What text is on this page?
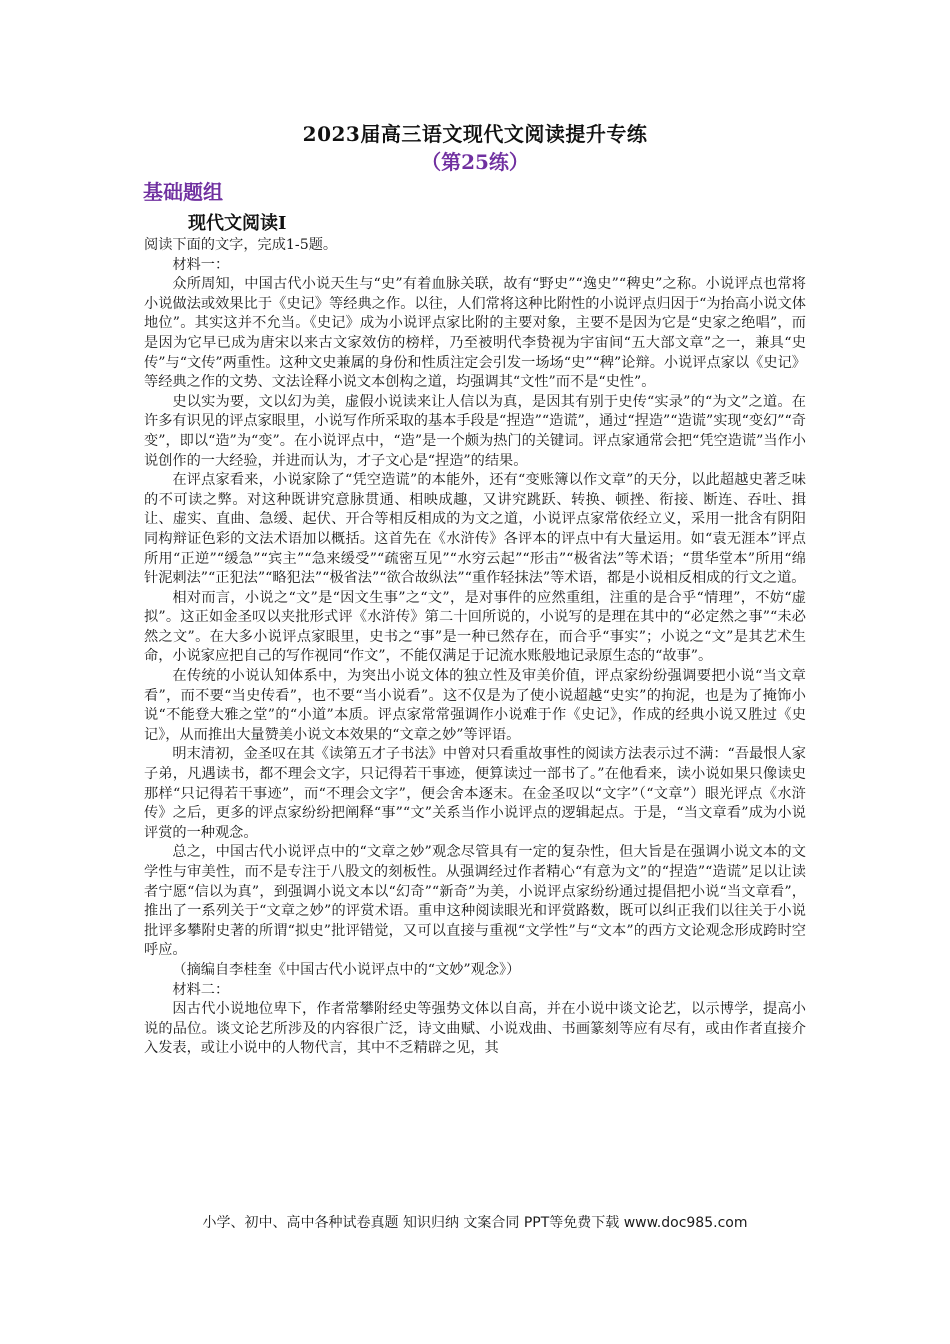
2023届高三语文现代文阅读提升专练
（第25练）
基础题组
现代文阅读Ⅰ

阅读下面的文字，完成1-5题。

材料一：

众所周知，中国古代小说天生与“史”有着血脉关联，故有“野史”“逸史”“稗史”之称。小说评点也常将小说做法或效果比于《史记》等经典之作。以往，人们常将这种比附性的小说评点归因于“为抬高小说文体地位”。其实这并不允当。《史记》成为小说评点家比附的主要对象，主要不是因为它是“史家之绝唱”，而是因为它早已成为唐宋以来古文家效仿的榜样，乃至被明代李贽视为宇宙间“五大部文章”之一，兼具“史传”与“文传”两重性。这种文史兼属的身份和性质注定会引发一场场“史”“稗”论辩。小说评点家以《史记》等经典之作的文势、文法诠释小说文本创构之道，均强调其“文性”而不是“史性”。

史以实为要，文以幻为美，虚假小说读来让人信以为真，是因其有别于史传“实录”的“为文”之道。在许多有识见的评点家眼里，小说写作所采取的基本手段是“捏造”“造谎”，通过“捏造”“造谎”实现“变幻”“奇变”，即以“造”为“变”。在小说评点中，“造”是一个颇为热门的关键词。评点家通常会把“凭空造谎”当作小说创作的一大经验，并进而认为，才子文心是“捏造”的结果。

在评点家看来，小说家除了“凭空造谎”的本能外，还有“变账簿以作文章”的天分，以此超越史著乏味的不可读之弊。对这种既讲究意脉贯通、相映成趣，又讲究跳跃、转换、顿挫、衔接、断连、吞吐、揖让、虚实、直曲、急缓、起伏、开合等相反相成的为文之道，小说评点家常依经立义，采用一批含有阴阳同构辩证色彩的文法术语加以概括。这首先在《水浒传》各评本的评点中有大量运用。如“袁无涯本”评点所用“正逆”“缓急”“宾主”“急来缓受”“疏密互见”“水穷云起”“形击”“极省法”等术语；“贯华堂本”所用“绵针泥刺法”“正犯法”“略犯法”“极省法”“欲合故纵法”“重作轻抹法”等术语，都是小说相反相成的行文之道。

相对而言，小说之“文”是“因文生事”之“文”，是对事件的应然重组，注重的是合乎“情理”，不妨“虚拟”。这正如金圣叹以夹批形式评《水浒传》第二十回所说的，小说写的是理在其中的“必定然之事”“未必然之文”。在大多小说评点家眼里，史书之“事”是一种已然存在，而合乎“事实”；小说之“文”是其艺术生命，小说家应把自己的写作视同“作文”，不能仅满足于记流水账般地记录原生态的“故事”。

在传统的小说认知体系中，为突出小说文体的独立性及审美价值，评点家纷纷强调要把小说“当文章看”，而不要“当史传看”，也不要“当小说看”。这不仅是为了使小说超越“史实”的拘泥，也是为了掩饰小说“不能登大雅之堂”的“小道”本质。评点家常常强调作小说难于作《史记》，作成的经典小说又胜过《史记》，从而推出大量赞美小说文本效果的“文章之妙”等评语。

明末清初，金圣叹在其《读第五才子书法》中曾对只看重故事性的阅读方法表示过不满：“吾最恨人家子弟，凡遇读书，都不理会文字，只记得若干事迹，便算读过一部书了。”在他看来，读小说如果只像读史那样“只记得若干事迹”，而“不理会文字”，便会舍本逐末。在金圣叹以“文字”（“文章”）眼光评点《水浒传》之后，更多的评点家纷纷把阐释“事”“文”关系当作小说评点的逻辑起点。于是，“当文章看”成为小说评赏的一种观念。

总之，中国古代小说评点中的“文章之妙”观念尽管具有一定的复杂性，但大旨是在强调小说文本的文学性与审美性，而不是专注于八股文的刻板性。从强调经过作者精心“有意为文”的“捏造”“造谎”足以让读者宁愿“信以为真”，到强调小说文本以“幻奇”“新奇”为美，小说评点家纷纷通过提倡把小说“当文章看”，推出了一系列关于“文章之妙”的评赏术语。重申这种阅读眼光和评赏路数，既可以纠正我们以往关于小说批评多攀附史著的所谓“拟史”批评错觉，又可以直接与重视“文学性”与“文本”的西方文论观念形成跨时空呼应。

（摘编自李桂奎《中国古代小说评点中的“文妙”观念》）

材料二：

因古代小说地位卑下，作者常攀附经史等强势文体以自高，并在小说中谈文论艺，以示博学，提高小说的品位。谈文论艺所涉及的内容很广泛，诗文曲赋、小说戏曲、书画篆刻等应有尽有，或由作者直接介入发表，或让小说中的人物代言，其中不乏精辟之见，其

小学、初中、高中各种试卷真题 知识归纳 文案合同 PPT等免费下载 www.doc985.com
